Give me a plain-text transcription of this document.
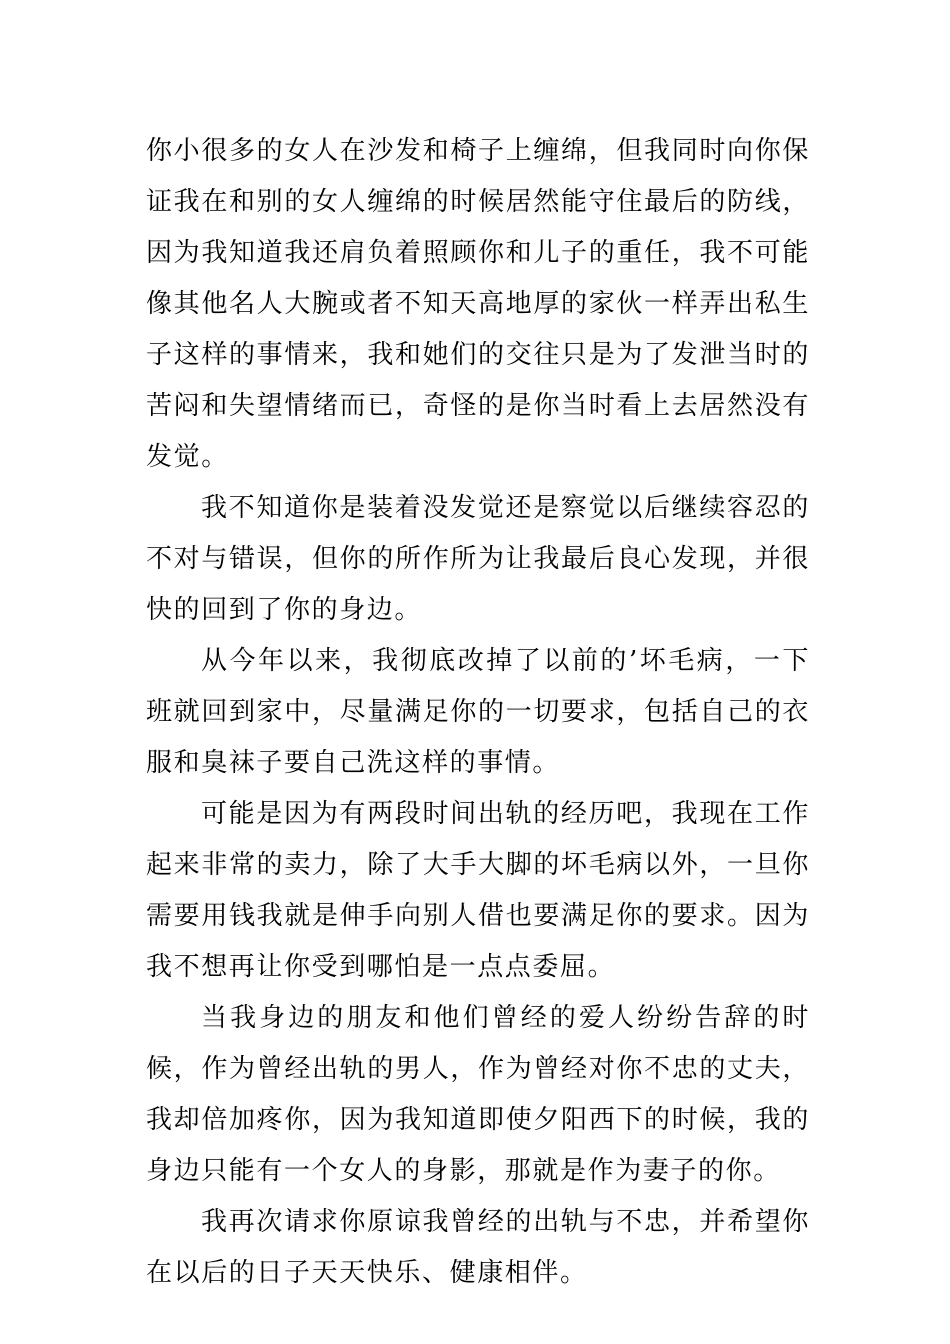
你小很多的女人在沙发和椅子上缠绵，但我同时向你保证我在和别的女人缠绵的时候居然能守住最后的防线，因为我知道我还肩负着照顾你和儿子的重任，我不可能像其他名人大腕或者不知天高地厚的家伙一样弄出私生子这样的事情来，我和她们的交往只是为了发泄当时的苦闷和失望情绪而已，奇怪的是你当时看上去居然没有发觉。

我不知道你是装着没发觉还是察觉以后继续容忍的不对与错误，但你的所作所为让我最后良心发现，并很快的回到了你的身边。

从今年以来，我彻底改掉了以前的’坏毛病，一下班就回到家中，尽量满足你的一切要求，包括自己的衣服和臭袜子要自己洗这样的事情。

可能是因为有两段时间出轨的经历吧，我现在工作起来非常的卖力，除了大手大脚的坏毛病以外，一旦你需要用钱我就是伸手向别人借也要满足你的要求。因为我不想再让你受到哪怕是一点点委屈。

当我身边的朋友和他们曾经的爱人纷纷告辞的时候，作为曾经出轨的男人，作为曾经对你不忠的丈夫，我却倍加疼你，因为我知道即使夕阳西下的时候，我的身边只能有一个女人的身影，那就是作为妻子的你。

我再次请求你原谅我曾经的出轨与不忠，并希望你在以后的日子天天快乐、健康相伴。
